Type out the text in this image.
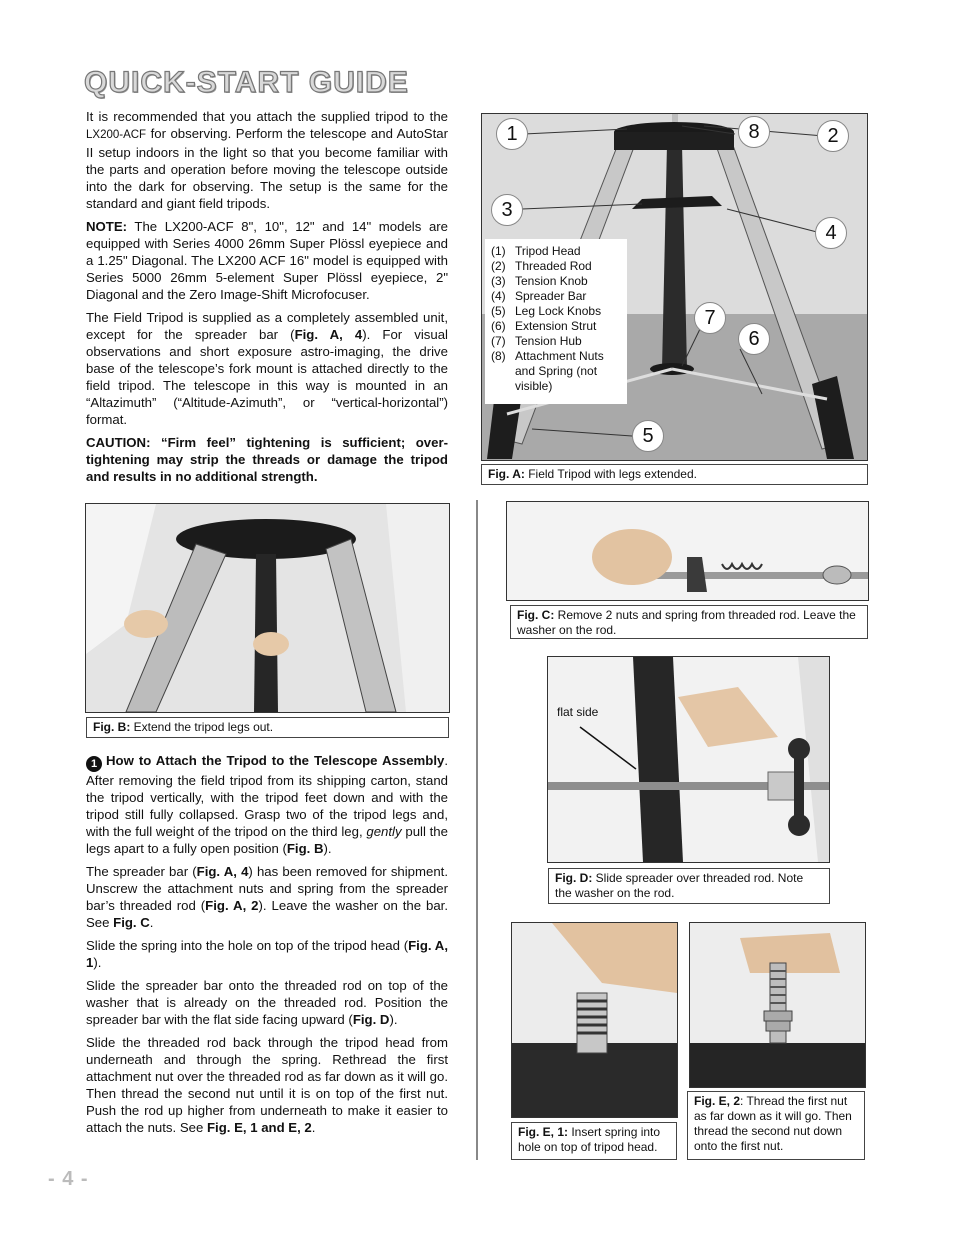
QUICK-START GUIDE

It is recommended that you attach the supplied tripod to the LX200-ACF for observing. Perform the telescope and AutoStar II setup indoors in the light so that you become familiar with the parts and operation before moving the telescope outside into the dark for observing. The setup is the same for the standard and giant field tripods.

NOTE: The LX200-ACF 8", 10", 12" and 14" models are equipped with Series 4000 26mm Super Plössl eyepiece and a 1.25" Diagonal. The LX200 ACF 16" model is equipped with Series 5000 26mm 5-element Super Plössl eyepiece, 2" Diagonal and the Zero Image-Shift Microfocuser.

The Field Tripod is supplied as a completely assembled unit, except for the spreader bar (Fig. A, 4). For visual observations and short exposure astro-imaging, the drive base of the telescope’s fork mount is attached directly to the field tripod. The telescope in this way is mounted in an “Altazimuth” (“Altitude-Azimuth”, or “vertical-horizontal”) format.

CAUTION: “Firm feel” tightening is sufficient; over-tightening may strip the threads or damage the tripod and results in no additional strength.

1	8	2
3
4
7
6
5
(1) Tripod Head
(2) Threaded Rod
(3) Tension Knob
(4) Spreader Bar
(5) Leg Lock Knobs
(6) Extension Strut
(7) Tension Hub
(8) Attachment Nuts and Spring (not visible)
Fig. A: Field Tripod with legs extended.
Fig. B: Extend the tripod legs out.

1 How to Attach the Tripod to the Telescope Assembly. After removing the field tripod from its shipping carton, stand the tripod vertically, with the tripod feet down and with the tripod still fully collapsed. Grasp two of the tripod legs and, with the full weight of the tripod on the third leg, gently pull the legs apart to a fully open position (Fig. B).

The spreader bar (Fig. A, 4) has been removed for shipment. Unscrew the attachment nuts and spring from the spreader bar’s threaded rod (Fig. A, 2). Leave the washer on the bar. See Fig. C.

Slide the spring into the hole on top of the tripod head (Fig. A, 1).

Slide the spreader bar onto the threaded rod on top of the washer that is already on the threaded rod. Position the spreader bar with the flat side facing upward (Fig. D).

Slide the threaded rod back through the tripod head from underneath and through the spring. Rethread the first attachment nut over the threaded rod as far down as it will go. Then thread the second nut until it is on top of the first nut. Push the rod up higher from underneath to make it easier to attach the nuts. See Fig. E, 1 and E, 2.

Fig. C: Remove 2 nuts and spring from threaded rod. Leave the washer on the rod.
flat side
Fig. D: Slide spreader over threaded rod. Note the washer on the rod.
Fig. E, 1: Insert spring into hole on top of tripod head.
Fig. E, 2: Thread the first nut as far down as it will go. Then thread the second nut down onto the first nut.
- 4 -
